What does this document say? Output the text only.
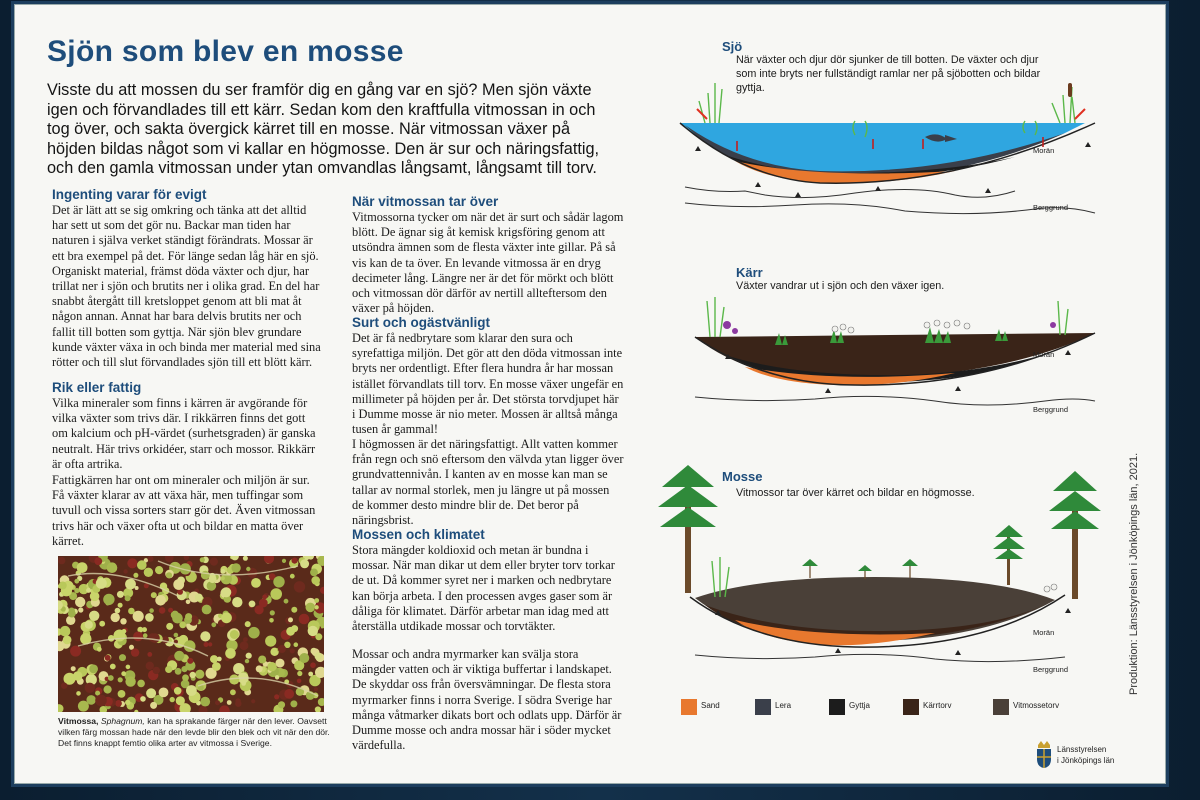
Sjön som blev en mosse
Visste du att mossen du ser framför dig en gång var en sjö? Men sjön växte igen och förvandlades till ett kärr. Sedan kom den kraftfulla vitmossan in och tog över, och sakta övergick kärret till en mosse. När vitmossan växer på höjden bildas något som vi kallar en högmosse. Den är sur och näringsfattig, och den gamla vitmossan under ytan omvandlas långsamt, långsamt till torv.
Ingenting varar för evigt
Det är lätt att se sig omkring och tänka att det alltid har sett ut som det gör nu. Backar man tiden har naturen i själva verket ständigt förändrats. Mossar är ett bra exempel på det. För länge sedan låg här en sjö. Organiskt material, främst döda växter och djur, har trillat ner i sjön och brutits ner i olika grad. En del har snabbt återgått till kretsloppet genom att bli mat åt någon annan. Annat har bara delvis brutits ner och fallit till botten som gyttja. När sjön blev grundare kunde växter växa in och binda mer material med sina rötter och till slut förvandlades sjön till ett blött kärr.
Rik eller fattig
Vilka mineraler som finns i kärren är avgörande för vilka växter som trivs där. I rikkärren finns det gott om kalcium och pH-värdet (surhetsgraden) är ganska neutralt. Här trivs orkidéer, starr och mossor. Rikkärr är ofta artrika.
Fattigkärren har ont om mineraler och miljön är sur. Få växter klarar av att växa här, men tuffingar som tuvull och vissa sorters starr gör det. Även vitmossan trivs här och växer ofta ut och bildar en matta över kärret.
Vitmossa, Sphagnum, kan ha sprakande färger när den lever. Oavsett vilken färg mossan hade när den levde blir den blek och vit när den dör. Det finns knappt femtio olika arter av vitmossa i Sverige.
När vitmossan tar över
Vitmossorna tycker om när det är surt och sådär lagom blött. De ägnar sig åt kemisk krigsföring genom att utsöndra ämnen som de flesta växter inte gillar. På så vis kan de ta över. En levande vitmossa är en dryg decimeter lång. Längre ner är det för mörkt och blött och vitmossan dör därför av nertill allteftersom den växer på höjden.
Surt och ogästvänligt
Det är få nedbrytare som klarar den sura och syrefattiga miljön. Det gör att den döda vitmossan inte bryts ner ordentligt. Efter flera hundra år har mossan istället förvandlats till torv. En mosse växer ungefär en millimeter på höjden per år. Det största torvdjupet här i Dumme mosse är nio meter. Mossen är alltså många tusen år gammal!
I högmossen är det näringsfattigt. Allt vatten kommer från regn och snö eftersom den välvda ytan ligger över grundvattennivån. I kanten av en mosse kan man se tallar av normal storlek, men ju längre ut på mossen de kommer desto mindre blir de. Det beror på näringsbrist.
Mossen och klimatet
Stora mängder koldioxid och metan är bundna i mossar. När man dikar ut dem eller bryter torv torkar de ut. Då kommer syret ner i marken och nedbrytare kan börja arbeta. I den processen avges gaser som är dåliga för klimatet. Därför arbetar man idag med att återställa utdikade mossar och torvtäkter.
Mossar och andra myrmarker kan svälja stora mängder vatten och är viktiga buffertar i landskapet. De skyddar oss från översvämningar. De flesta stora myrmarker finns i norra Sverige. I södra Sverige har många våtmarker dikats bort och odlats upp. Därför är Dumme mosse och andra mossar här i söder mycket värdefulla.
Sjö
När växter och djur dör sjunker de till botten. De växter och djur som inte bryts ner fullständigt ramlar ner på sjöbotten och bildar gyttja.
Kärr
Växter vandrar ut i sjön och den växer igen.
Mosse
Vitmossor tar över kärret och bildar en högmosse.
Morän
Berggrund
Morän
Berggrund
Morän
Berggrund
Sand	Lera	Gyttja	Kärrtorv	Vitmossetorv
Länsstyrelsen
i Jönköpings län
Produktion: Länsstyrelsen i Jönköpings län, 2021.
